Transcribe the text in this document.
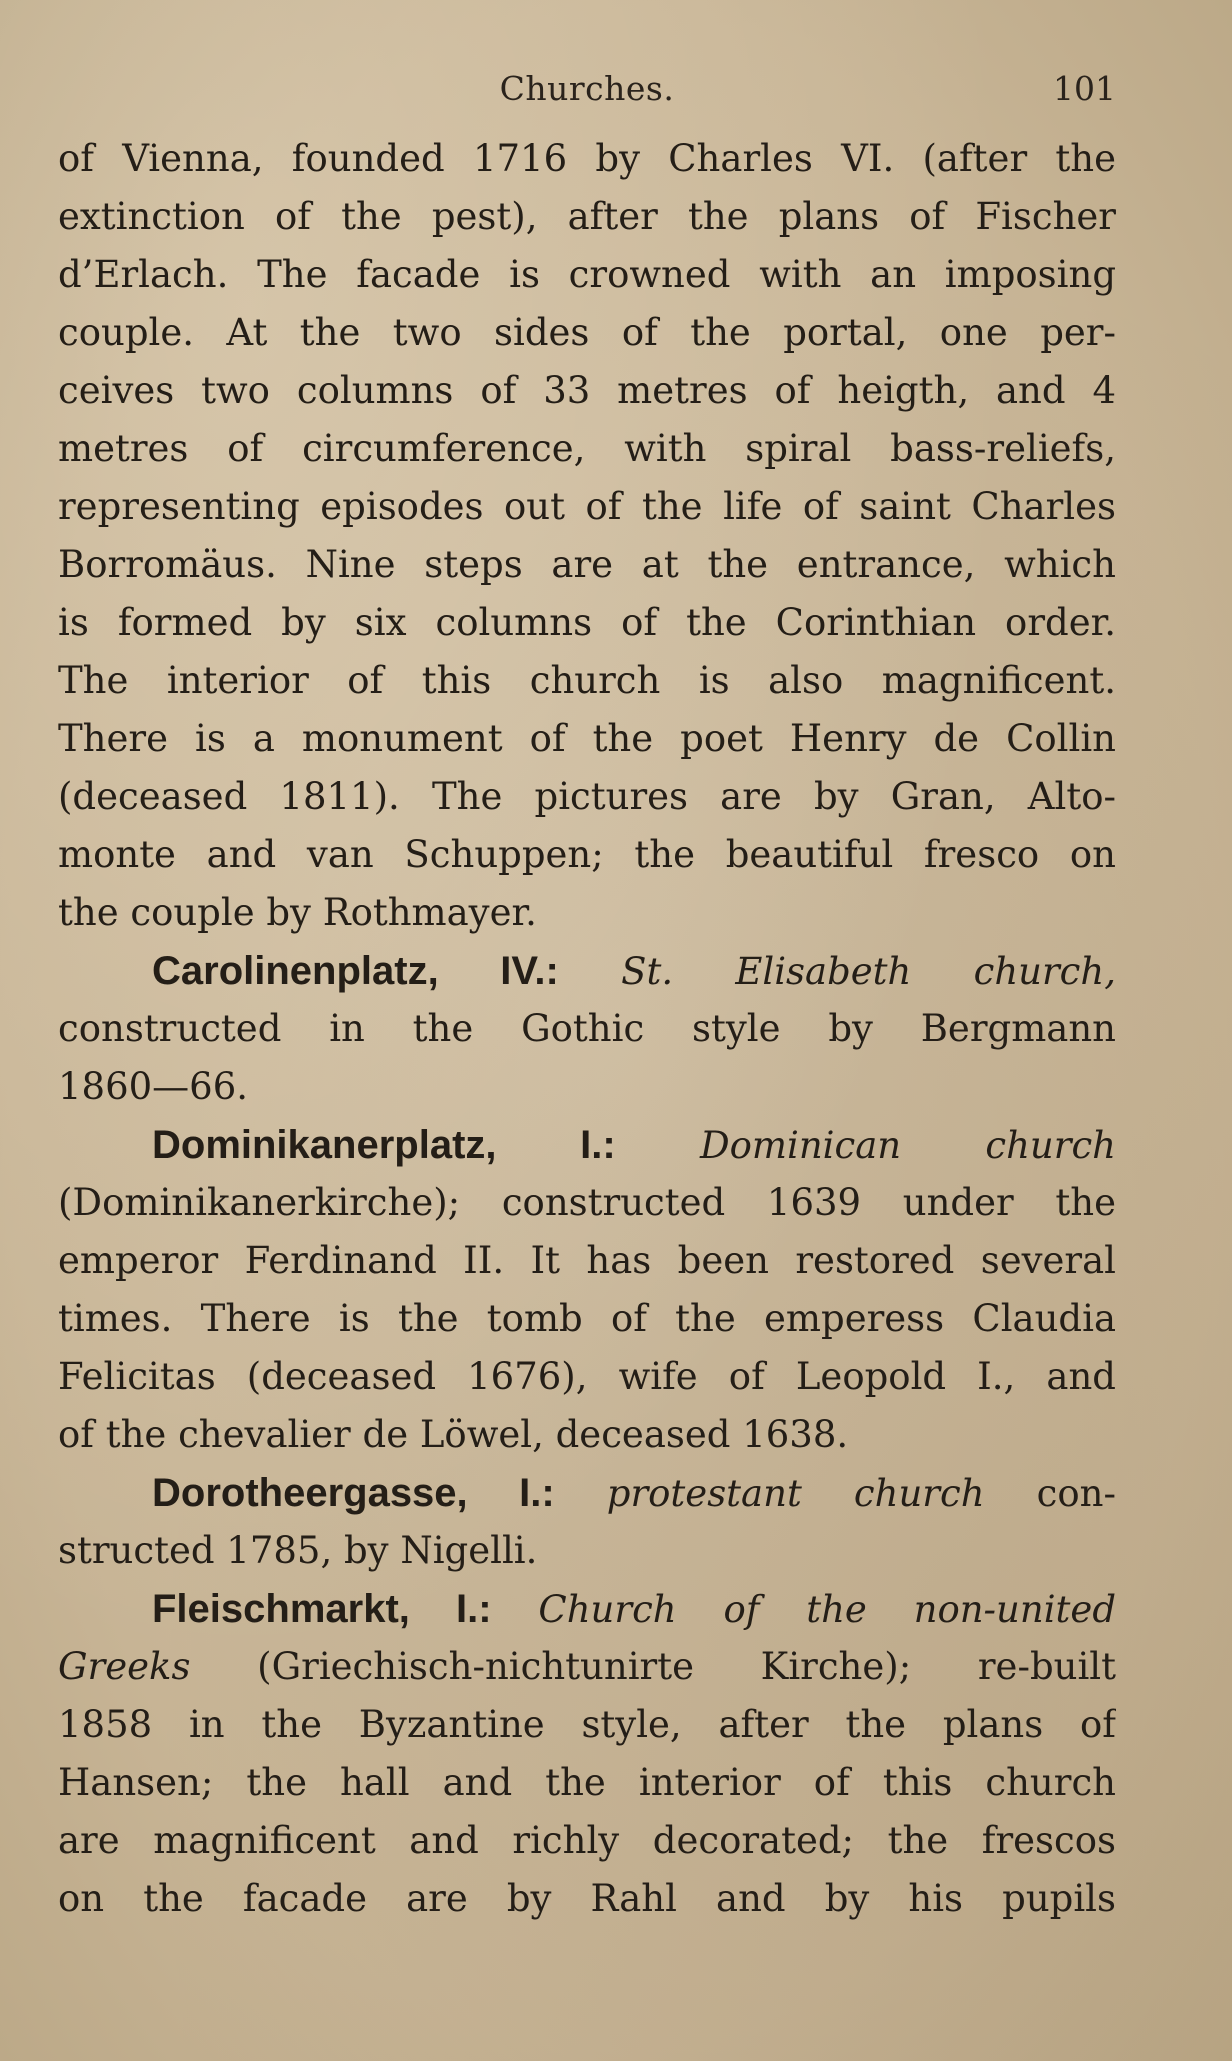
Churches.	101
of Vienna, founded 1716 by Charles VI. (after the
extinction of the pest), after the plans of Fischer
d’Erlach. The facade is crowned with an imposing
couple. At the two sides of the portal, one per-
ceives two columns of 33 metres of heigth, and 4
metres of circumference, with spiral bass-reliefs,
representing episodes out of the life of saint Charles
Borromäus. Nine steps are at the entrance, which
is formed by six columns of the Corinthian order.
The interior of this church is also magnificent.
There is a monument of the poet Henry de Collin
(deceased 1811). The pictures are by Gran, Alto-
monte and van Schuppen; the beautiful fresco on
the couple by Rothmayer.
Carolinenplatz, IV.: St. Elisabeth church,
constructed in the Gothic style by Bergmann
1860—66.
Dominikanerplatz, I.: Dominican church
(Dominikanerkirche); constructed 1639 under the
emperor Ferdinand II. It has been restored several
times. There is the tomb of the emperess Claudia
Felicitas (deceased 1676), wife of Leopold I., and
of the chevalier de Löwel, deceased 1638.
Dorotheergasse, I.: protestant church con-
structed 1785, by Nigelli.
Fleischmarkt, I.: Church of the non-united
Greeks (Griechisch-nichtunirte Kirche); re-built
1858 in the Byzantine style, after the plans of
Hansen; the hall and the interior of this church
are magnificent and richly decorated; the frescos
on the facade are by Rahl and by his pupils
